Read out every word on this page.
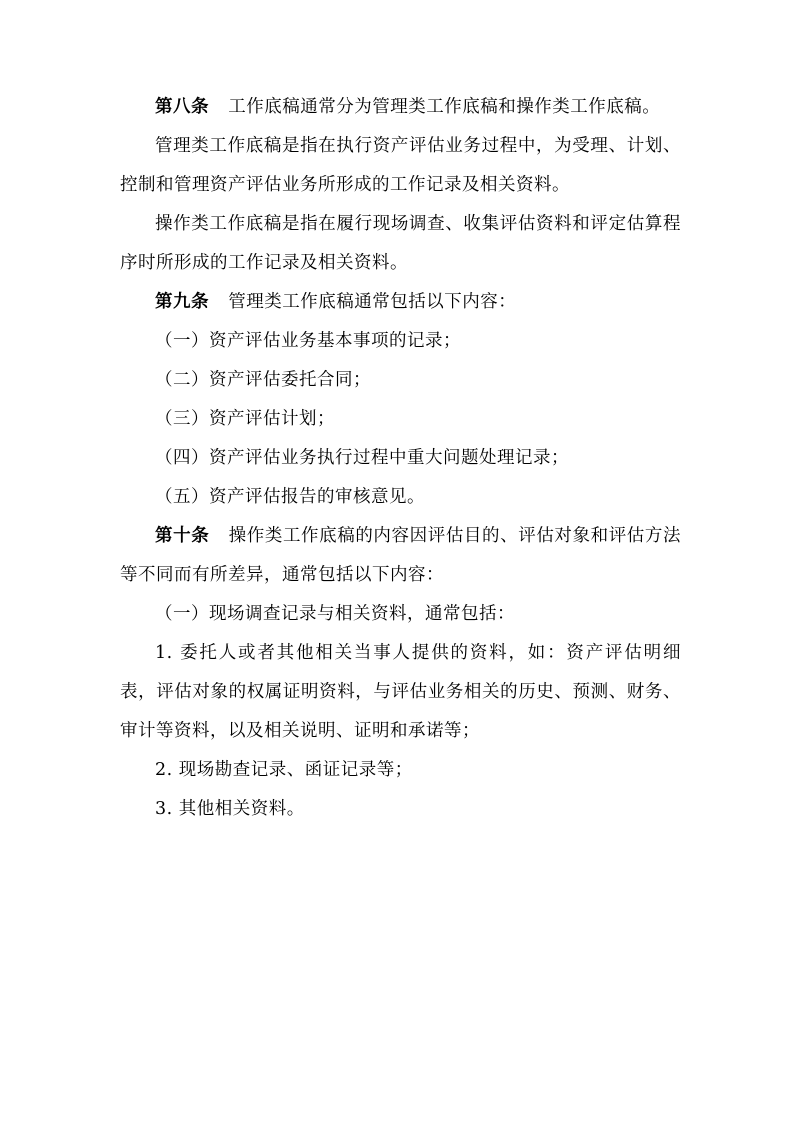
第八条 工作底稿通常分为管理类工作底稿和操作类工作底稿。

管理类工作底稿是指在执行资产评估业务过程中，为受理、计划、控制和管理资产评估业务所形成的工作记录及相关资料。

操作类工作底稿是指在履行现场调查、收集评估资料和评定估算程序时所形成的工作记录及相关资料。

第九条 管理类工作底稿通常包括以下内容：

（一）资产评估业务基本事项的记录；

（二）资产评估委托合同；

（三）资产评估计划；

（四）资产评估业务执行过程中重大问题处理记录；

（五）资产评估报告的审核意见。

第十条 操作类工作底稿的内容因评估目的、评估对象和评估方法等不同而有所差异，通常包括以下内容：

（一）现场调查记录与相关资料，通常包括：

1. 委托人或者其他相关当事人提供的资料，如：资产评估明细表，评估对象的权属证明资料，与评估业务相关的历史、预测、财务、审计等资料，以及相关说明、证明和承诺等；

2. 现场勘查记录、函证记录等；

3. 其他相关资料。
